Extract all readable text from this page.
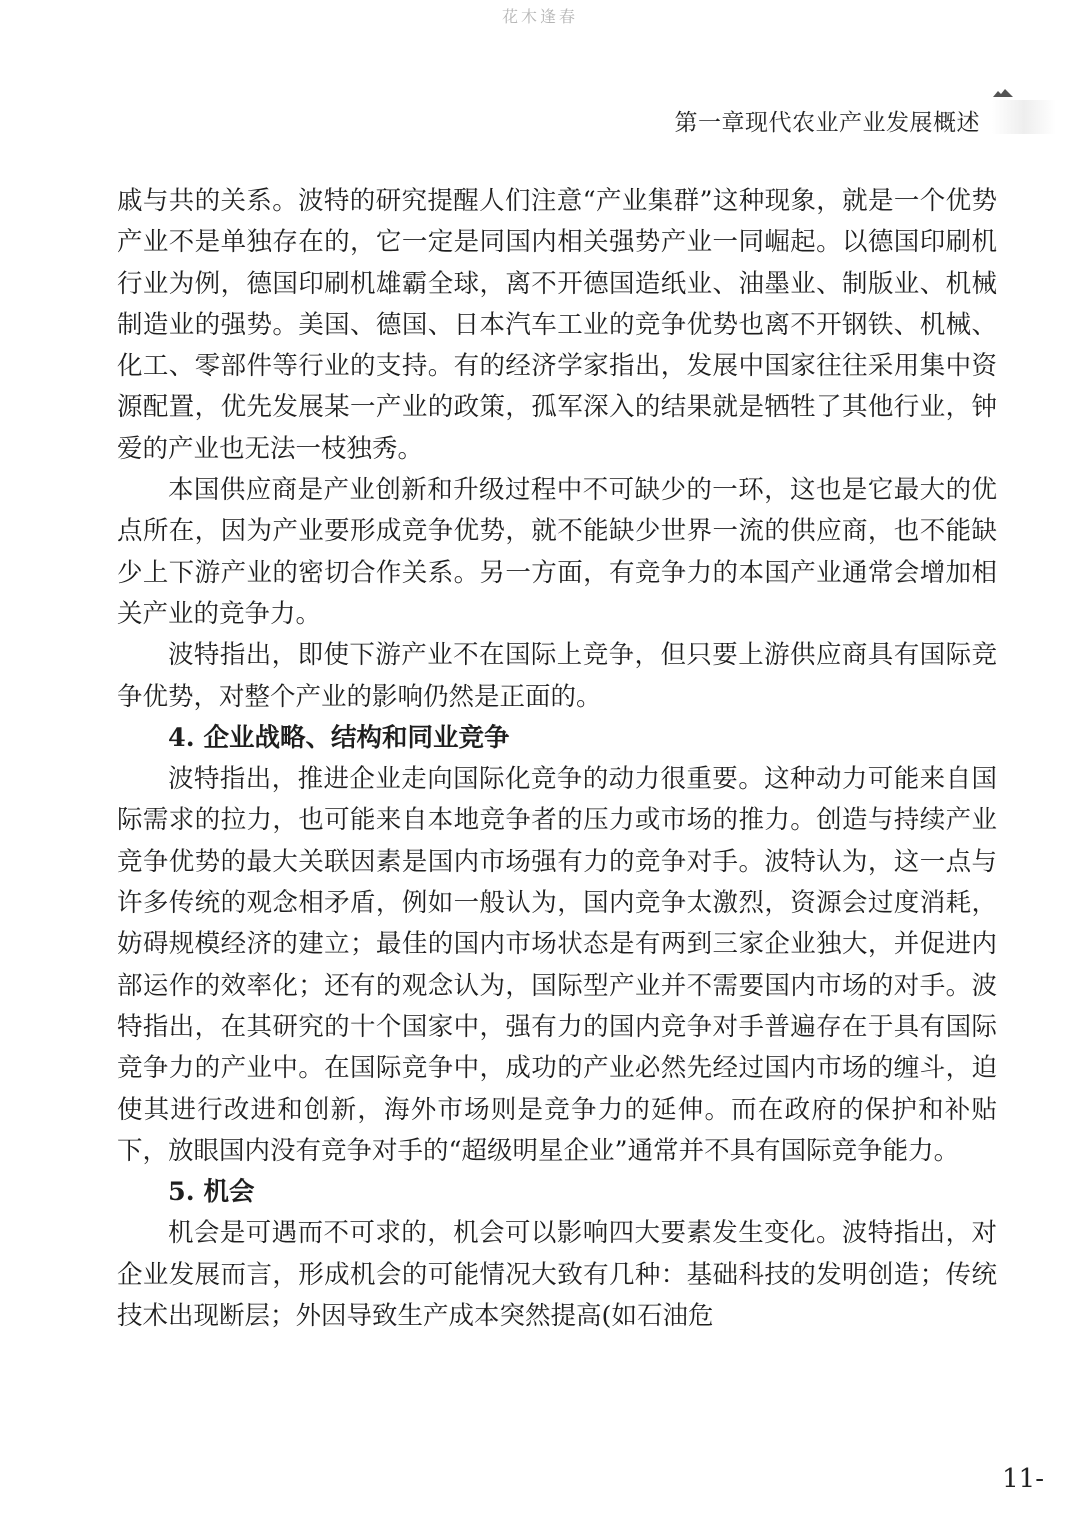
花木逢春
第一章现代农业产业发展概述

戚与共的关系。波特的研究提醒人们注意“产业集群”这种现象，就是一个优势产业不是单独存在的，它一定是同国内相关强势产业一同崛起。以德国印刷机行业为例，德国印刷机雄霸全球，离不开德国造纸业、油墨业、制版业、机械制造业的强势。美国、德国、日本汽车工业的竞争优势也离不开钢铁、机械、化工、零部件等行业的支持。有的经济学家指出，发展中国家往往采用集中资源配置，优先发展某一产业的政策，孤军深入的结果就是牺牲了其他行业，钟爱的产业也无法一枝独秀。

本国供应商是产业创新和升级过程中不可缺少的一环，这也是它最大的优点所在，因为产业要形成竞争优势，就不能缺少世界一流的供应商，也不能缺少上下游产业的密切合作关系。另一方面，有竞争力的本国产业通常会增加相关产业的竞争力。

波特指出，即使下游产业不在国际上竞争，但只要上游供应商具有国际竞争优势，对整个产业的影响仍然是正面的。

4. 企业战略、结构和同业竞争

波特指出，推进企业走向国际化竞争的动力很重要。这种动力可能来自国际需求的拉力，也可能来自本地竞争者的压力或市场的推力。创造与持续产业竞争优势的最大关联因素是国内市场强有力的竞争对手。波特认为，这一点与许多传统的观念相矛盾，例如一般认为，国内竞争太激烈，资源会过度消耗，妨碍规模经济的建立；最佳的国内市场状态是有两到三家企业独大，并促进内部运作的效率化；还有的观念认为，国际型产业并不需要国内市场的对手。波特指出，在其研究的十个国家中，强有力的国内竞争对手普遍存在于具有国际竞争力的产业中。在国际竞争中，成功的产业必然先经过国内市场的缠斗，迫使其进行改进和创新，海外市场则是竞争力的延伸。而在政府的保护和补贴下，放眼国内没有竞争对手的“超级明星企业”通常并不具有国际竞争能力。

5. 机会

机会是可遇而不可求的，机会可以影响四大要素发生变化。波特指出，对企业发展而言，形成机会的可能情况大致有几种：基础科技的发明创造；传统技术出现断层；外因导致生产成本突然提高(如石油危

11-
